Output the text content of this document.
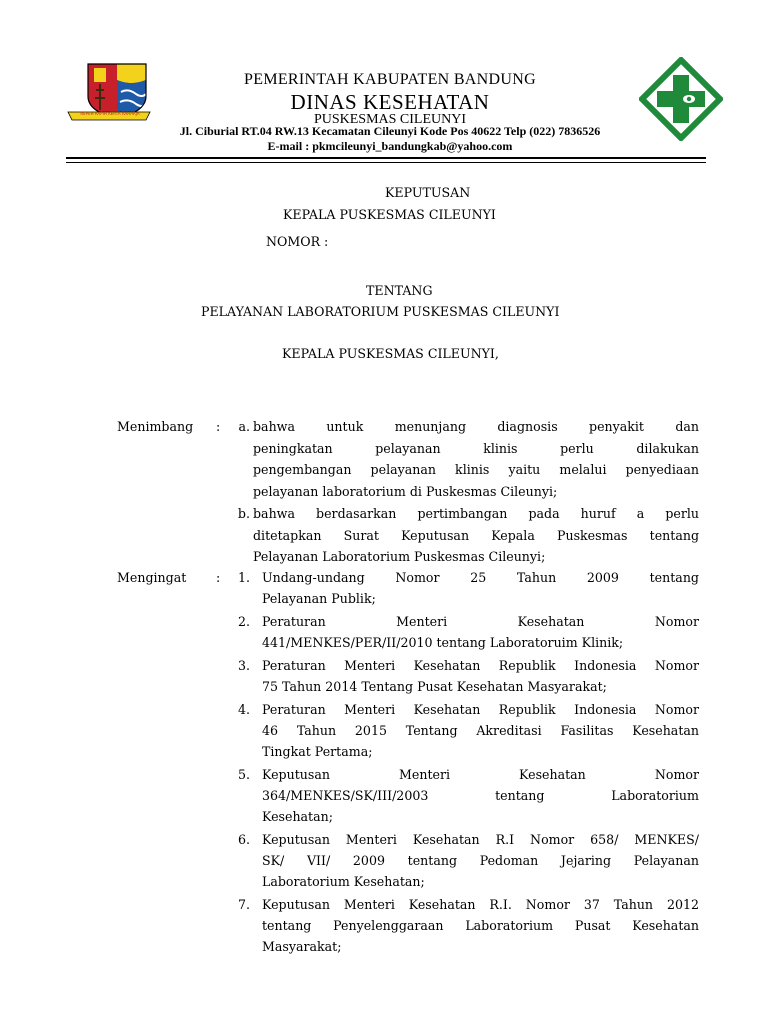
REPEH RAPIH KERTA RAHARJA
PEMERINTAH KABUPATEN BANDUNG
DINAS KESEHATAN
PUSKESMAS CILEUNYI
Jl. Ciburial RT.04 RW.13 Kecamatan Cileunyi Kode Pos 40622 Telp (022) 7836526
E-mail : pkmcileunyi_bandungkab@yahoo.com
KEPUTUSAN
KEPALA PUSKESMAS CILEUNYI
NOMOR :
TENTANG
PELAYANAN LABORATORIUM PUSKESMAS CILEUNYI
KEPALA PUSKESMAS CILEUNYI,
Menimbang :	a. bahwa untuk menunjang diagnosis penyakit dan
peningkatan pelayanan klinis perlu dilakukan
pengembangan pelayanan klinis yaitu melalui penyediaan
pelayanan laboratorium di Puskesmas Cileunyi;
b. bahwa berdasarkan pertimbangan pada huruf a perlu
ditetapkan Surat Keputusan Kepala Puskesmas tentang
Pelayanan Laboratorium Puskesmas Cileunyi;
Mengingat :	1. Undang-undang Nomor 25 Tahun 2009 tentang
Pelayanan Publik;
2. Peraturan Menteri Kesehatan Nomor
441/MENKES/PER/II/2010 tentang Laboratoruim Klinik;
3. Peraturan Menteri Kesehatan Republik Indonesia Nomor
75 Tahun 2014 Tentang Pusat Kesehatan Masyarakat;
4. Peraturan Menteri Kesehatan Republik Indonesia Nomor
46 Tahun 2015 Tentang Akreditasi Fasilitas Kesehatan
Tingkat Pertama;
5. Keputusan Menteri Kesehatan Nomor
364/MENKES/SK/III/2003 tentang Laboratorium
Kesehatan;
6. Keputusan Menteri Kesehatan R.I Nomor 658/ MENKES/
SK/ VII/ 2009 tentang Pedoman Jejaring Pelayanan
Laboratorium Kesehatan;
7. Keputusan Menteri Kesehatan R.I. Nomor 37 Tahun 2012
tentang Penyelenggaraan Laboratorium Pusat Kesehatan
Masyarakat;
